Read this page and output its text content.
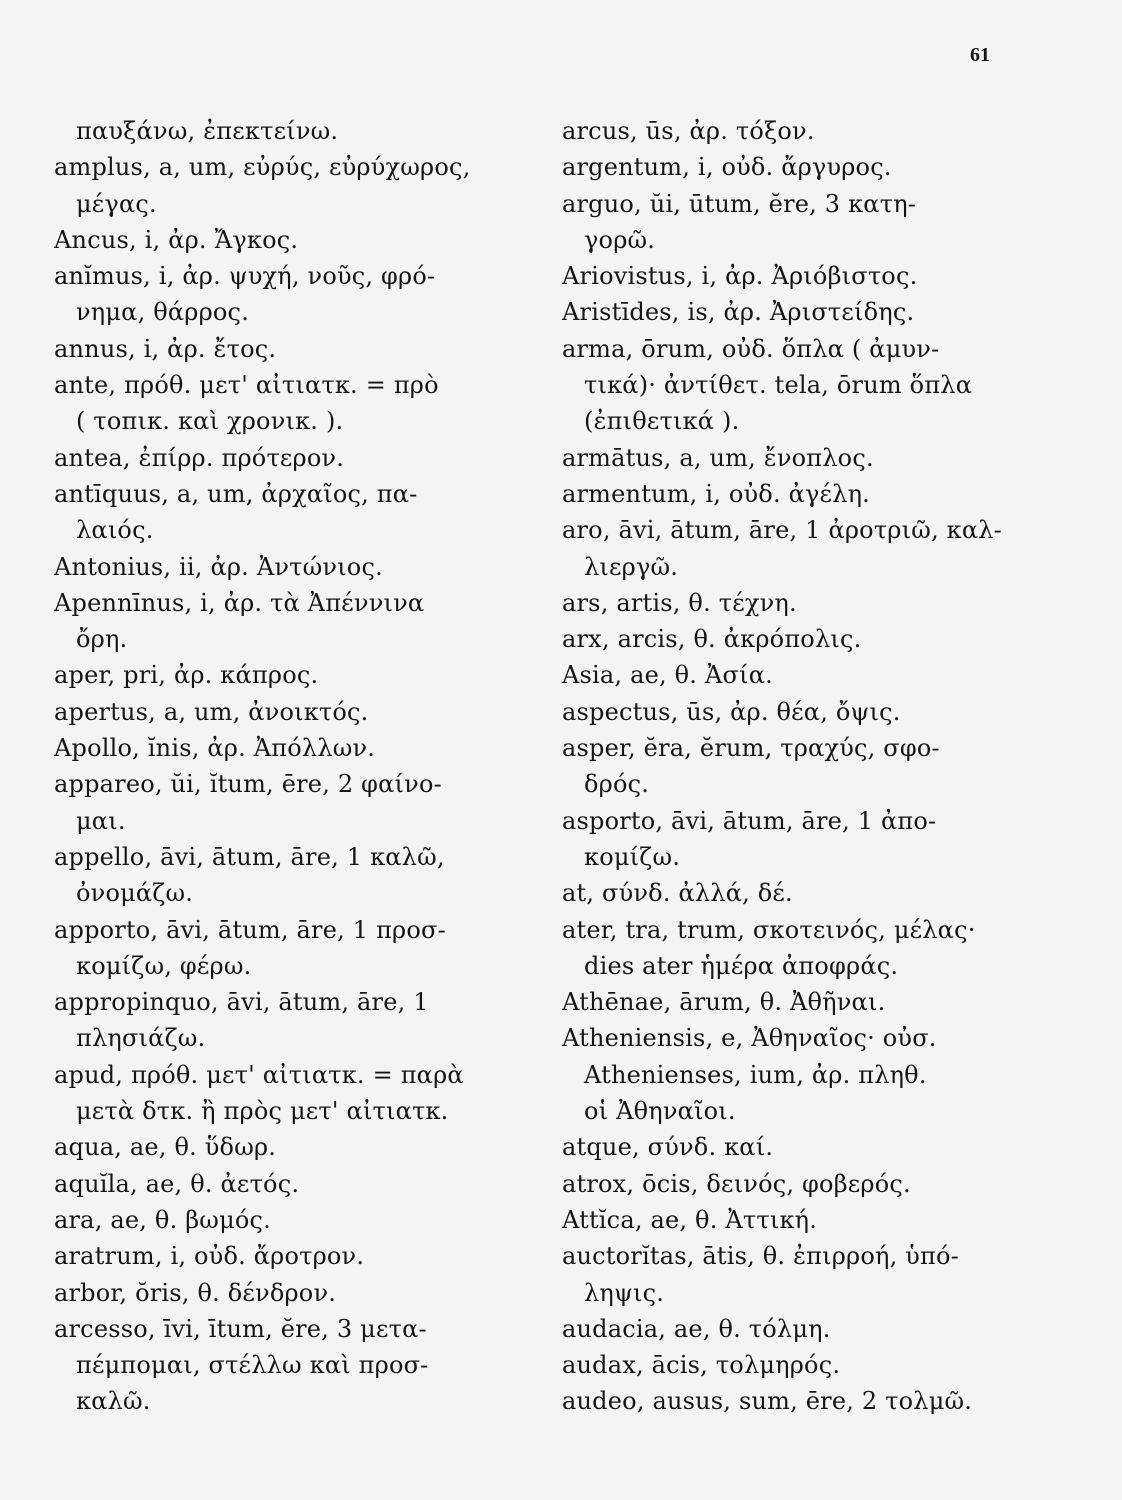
61
παυξάνω, ἐπεκτείνω.
amplus, a, um, εὐρύς, εὐρύχωρος,
μέγας.
Ancus, i, ἀρ. Ἄγκος.
anĭmus, i, ἀρ. ψυχή, νοῦς, φρό-
νημα, θάρρος.
annus, i, ἀρ. ἔτος.
ante, πρόθ. μετ' αἰτιατκ. = πρὸ
( τοπικ. καὶ χρονικ. ).
antea, ἐπίρρ. πρότερον.
antīquus, a, um, ἀρχαῖος, πα-
λαιός.
Antonius, ii, ἀρ. Ἀντώνιος.
Apennīnus, i, ἀρ. τὰ Ἀπέννινα
ὄρη.
aper, pri, ἀρ. κάπρος.
apertus, a, um, ἀνοικτός.
Apollo, ĭnis, ἀρ. Ἀπόλλων.
appareo, ŭi, ĭtum, ēre, 2 φαίνο-
μαι.
appello, āvi, ātum, āre, 1 καλῶ,
ὀνομάζω.
apporto, āvi, ātum, āre, 1 προσ-
κομίζω, φέρω.
appropinquo, āvi, ātum, āre, 1
πλησιάζω.
apud, πρόθ. μετ' αἰτιατκ. = παρὰ
μετὰ δτκ. ἢ πρὸς μετ' αἰτιατκ.
aqua, ae, θ. ὕδωρ.
aquĭla, ae, θ. ἀετός.
ara, ae, θ. βωμός.
aratrum, i, οὐδ. ἄροτρον.
arbor, ŏris, θ. δένδρον.
arcesso, īvi, ītum, ĕre, 3 μετα-
πέμπομαι, στέλλω καὶ προσ-
καλῶ.
arcus, ūs, ἀρ. τόξον.
argentum, i, οὐδ. ἄργυρος.
arguo, ŭi, ūtum, ĕre, 3 κατη-
γορῶ.
Ariovistus, i, ἀρ. Ἀριόβιστος.
Aristīdes, is, ἀρ. Ἀριστείδης.
arma, ōrum, οὐδ. ὅπλα ( ἀμυν-
τικά)· ἀντίθετ. tela, ōrum ὅπλα
(ἐπιθετικά ).
armātus, a, um, ἔνοπλος.
armentum, i, οὐδ. ἀγέλη.
aro, āvi, ātum, āre, 1 ἀροτριῶ, καλ-
λιεργῶ.
ars, artis, θ. τέχνη.
arx, arcis, θ. ἀκρόπολις.
Asia, ae, θ. Ἀσία.
aspectus, ūs, ἀρ. θέα, ὄψις.
asper, ĕra, ĕrum, τραχύς, σφο-
δρός.
asporto, āvi, ātum, āre, 1 ἀπο-
κομίζω.
at, σύνδ. ἀλλά, δέ.
ater, tra, trum, σκοτεινός, μέλας·
dies ater ἡμέρα ἀποφράς.
Athēnae, ārum, θ. Ἀθῆναι.
Atheniensis, e, Ἀθηναῖος· οὐσ.
Athenienses, ium, ἀρ. πληθ.
οἱ Ἀθηναῖοι.
atque, σύνδ. καί.
atrox, ōcis, δεινός, φοβερός.
Attĭca, ae, θ. Ἀττική.
auctorĭtas, ātis, θ. ἐπιρροή, ὑπό-
ληψις.
audacia, ae, θ. τόλμη.
audax, ācis, τολμηρός.
audeo, ausus, sum, ēre, 2 τολμῶ.
